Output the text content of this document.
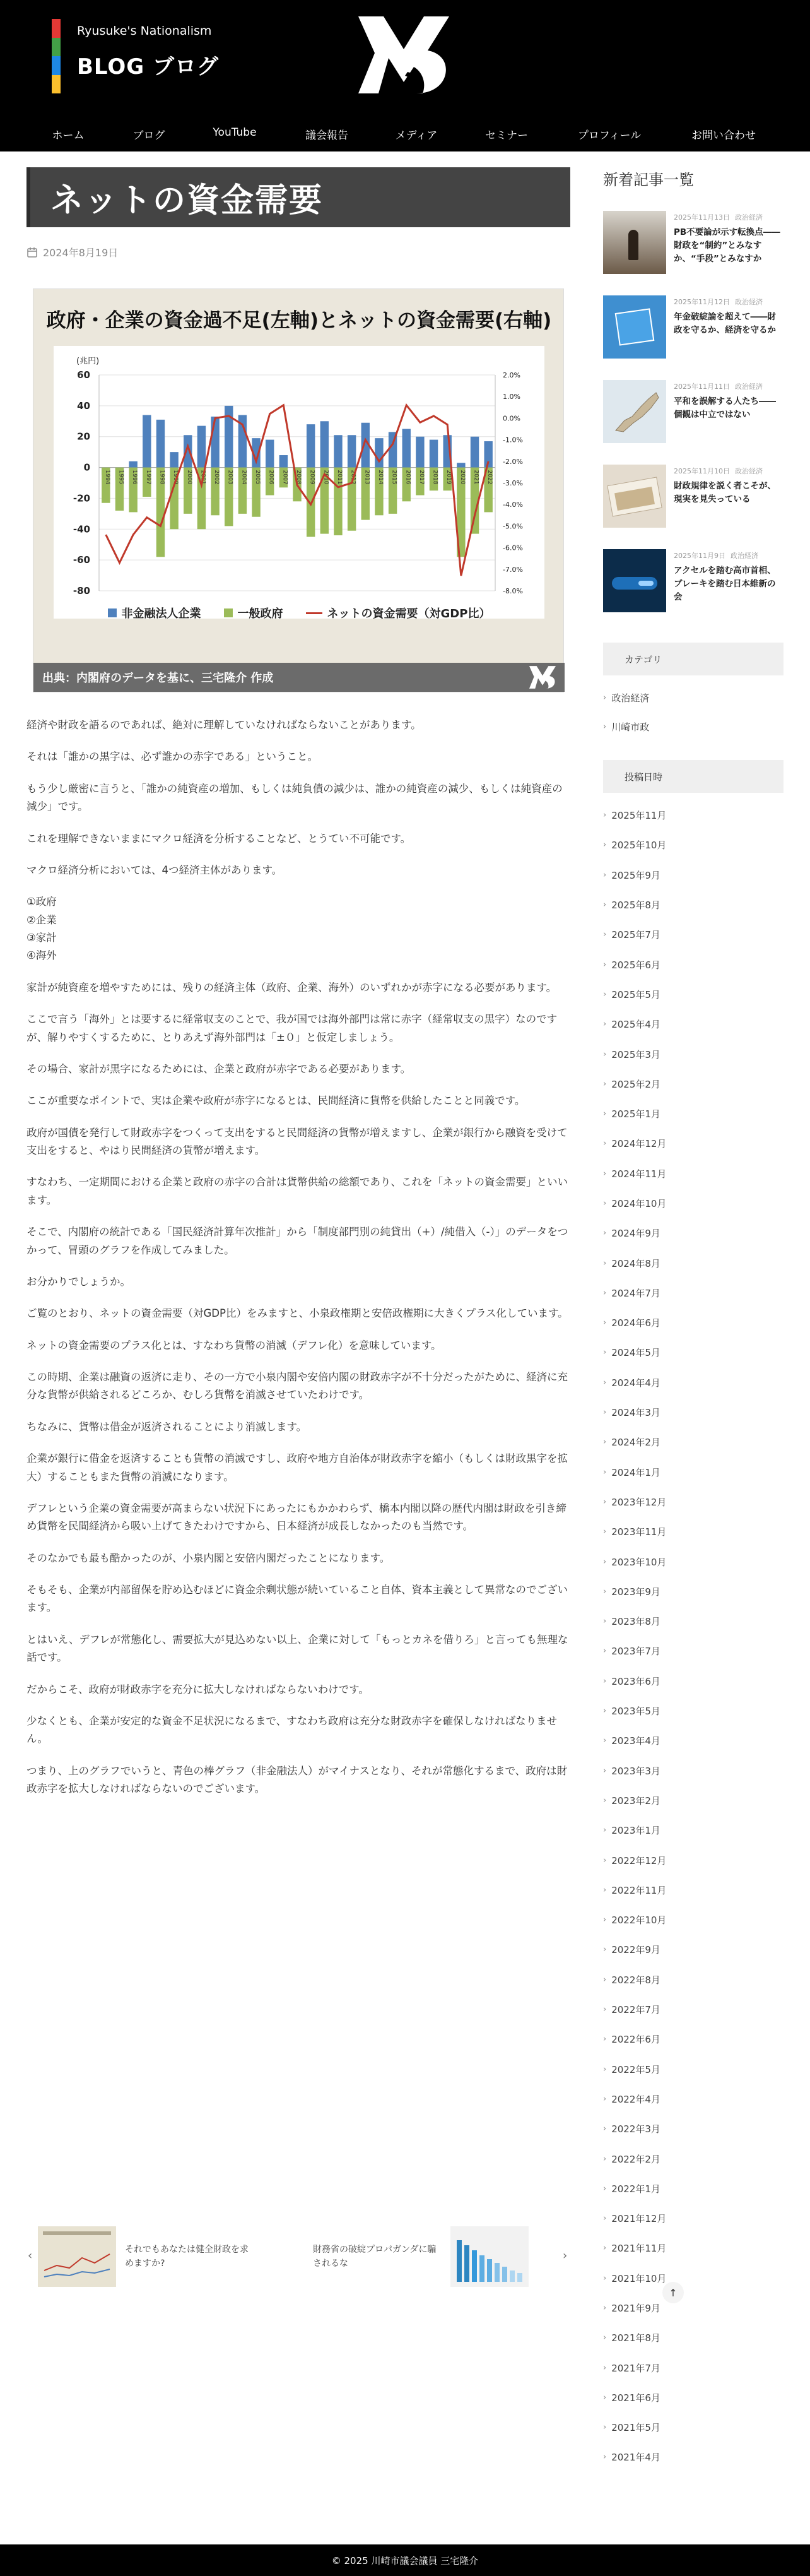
Ryusuke's Nationalism
BLOG ブログ
ホーム	ブログ	YouTube	議会報告	メディア	セミナー	プロフィール	お問い合わせ
ネットの資金需要
2024年8月19日
政府・企業の資金過不足(左軸)とネットの資金需要(右軸)
(兆円)
60
40
20
0
-20
-40
-60
-80
2.0%
1.0%
0.0%
-1.0%
-2.0%
-3.0%
-4.0%
-5.0%
-6.0%
-7.0%
-8.0%
1994 1995 1996 1997 1998 1999 2000 2001 2002 2003 2004 2005 2006 2007 2008 2009 2010 2011 2012 2013 2014 2015 2016 2017 2018 2019 2020 2021 2022
非金融法人企業	一般政府	ネットの資金需要（対GDP比）
出典：内閣府のデータを基に、三宅隆介 作成

経済や財政を語るのであれば、絶対に理解していなければならないことがあります。

それは「誰かの黒字は、必ず誰かの赤字である」ということ。

もう少し厳密に言うと、「誰かの純資産の増加、もしくは純負債の減少は、誰かの純資産の減少、もしくは純資産の減少」です。

これを理解できないままにマクロ経済を分析することなど、とうてい不可能です。

マクロ経済分析においては、4つ経済主体があります。

①政府
②企業
③家計
④海外

家計が純資産を増やすためには、残りの経済主体（政府、企業、海外）のいずれかが赤字になる必要があります。

ここで言う「海外」とは要するに経常収支のことで、我が国では海外部門は常に赤字（経常収支の黒字）なのですが、解りやすくするために、とりあえず海外部門は「±０」と仮定しましょう。

その場合、家計が黒字になるためには、企業と政府が赤字である必要があります。

ここが重要なポイントで、実は企業や政府が赤字になるとは、民間経済に貨幣を供給したことと同義です。

政府が国債を発行して財政赤字をつくって支出をすると民間経済の貨幣が増えますし、企業が銀行から融資を受けて支出をすると、やはり民間経済の貨幣が増えます。

すなわち、一定期間における企業と政府の赤字の合計は貨幣供給の総額であり、これを「ネットの資金需要」といいます。

そこで、内閣府の統計である「国民経済計算年次推計」から「制度部門別の純貸出（+）/純借入（-）」のデータをつかって、冒頭のグラフを作成してみました。

お分かりでしょうか。

ご覧のとおり、ネットの資金需要（対GDP比）をみますと、小泉政権期と安倍政権期に大きくプラス化しています。

ネットの資金需要のプラス化とは、すなわち貨幣の消滅（デフレ化）を意味しています。

この時期、企業は融資の返済に走り、その一方で小泉内閣や安倍内閣の財政赤字が不十分だったがために、経済に充分な貨幣が供給されるどころか、むしろ貨幣を消滅させていたわけです。

ちなみに、貨幣は借金が返済されることにより消滅します。

企業が銀行に借金を返済することも貨幣の消滅ですし、政府や地方自治体が財政赤字を縮小（もしくは財政黒字を拡大）することもまた貨幣の消滅になります。

デフレという企業の資金需要が高まらない状況下にあったにもかかわらず、橋本内閣以降の歴代内閣は財政を引き締め貨幣を民間経済から吸い上げてきたわけですから、日本経済が成長しなかったのも当然です。

そのなかでも最も酷かったのが、小泉内閣と安倍内閣だったことになります。

そもそも、企業が内部留保を貯め込むほどに資金余剰状態が続いていること自体、資本主義として異常なのでございます。

とはいえ、デフレが常態化し、需要拡大が見込めない以上、企業に対して「もっとカネを借りろ」と言っても無理な話です。

だからこそ、政府が財政赤字を充分に拡大しなければならないわけです。

少なくとも、企業が安定的な資金不足状況になるまで、すなわち政府は充分な財政赤字を確保しなければなりません。

つまり、上のグラフでいうと、青色の棒グラフ（非金融法人）がマイナスとなり、それが常態化するまで、政府は財政赤字を拡大しなければならないのでございます。

‹	それでもあなたは健全財政を求めますか?
財務省の破綻プロパガンダに騙されるな
›
新着記事一覧
2025年11月13日 政治経済
PB不要論が示す転換点――財政を“制約”とみなすか、“手段”とみなすか
2025年11月12日 政治経済
年金破綻論を超えて――財政を守るか、経済を守るか
2025年11月11日 政治経済
平和を誤解する人たち――個観は中立ではない
2025年11月10日 政治経済
財政規律を説く者こそが、現実を見失っている
2025年11月9日 政治経済
アクセルを踏む高市首相、ブレーキを踏む日本維新の会
カテゴリ
› 政治経済
› 川崎市政
投稿日時
› 2025年11月
› 2025年10月
› 2025年9月
› 2025年8月
› 2025年7月
› 2025年6月
› 2025年5月
› 2025年4月
› 2025年3月
› 2025年2月
› 2025年1月
› 2024年12月
› 2024年11月
› 2024年10月
› 2024年9月
› 2024年8月
› 2024年7月
› 2024年6月
› 2024年5月
› 2024年4月
› 2024年3月
› 2024年2月
› 2024年1月
› 2023年12月
› 2023年11月
› 2023年10月
› 2023年9月
› 2023年8月
› 2023年7月
› 2023年6月
› 2023年5月
› 2023年4月
› 2023年3月
› 2023年2月
› 2023年1月
› 2022年12月
› 2022年11月
› 2022年10月
› 2022年9月
› 2022年8月
› 2022年7月
› 2022年6月
› 2022年5月
› 2022年4月
› 2022年3月
› 2022年2月
› 2022年1月
› 2021年12月
› 2021年11月
› 2021年10月
› 2021年9月
› 2021年8月
› 2021年7月
› 2021年6月
› 2021年5月
› 2021年4月
↑
© 2025 川崎市議会議員 三宅隆介
